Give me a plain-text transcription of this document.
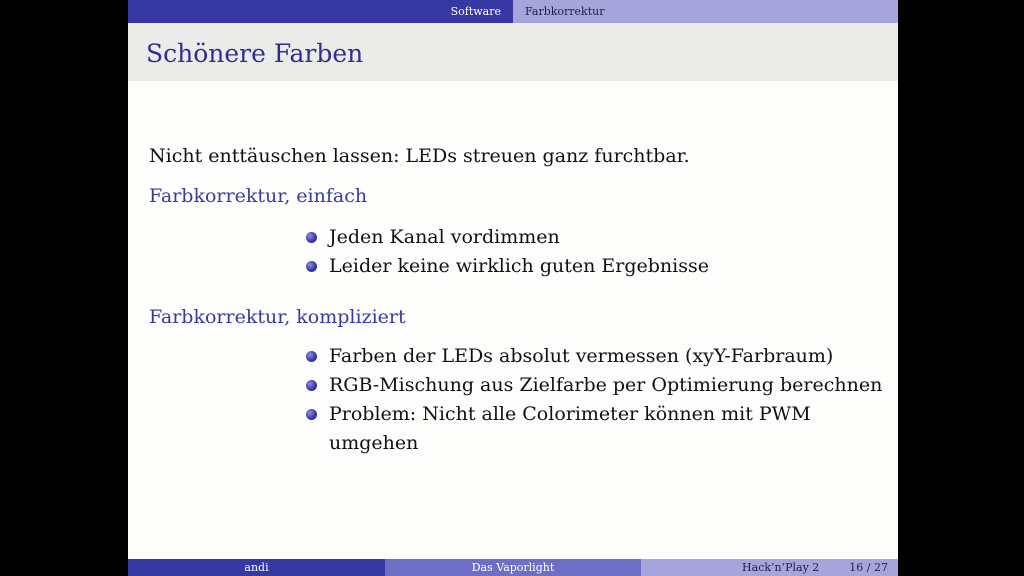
Software	Farbkorrektur
Schönere Farben
Nicht enttäuschen lassen: LEDs streuen ganz furchtbar.
Farbkorrektur, einfach
Jeden Kanal vordimmen
Leider keine wirklich guten Ergebnisse
Farbkorrektur, kompliziert
Farben der LEDs absolut vermessen (xyY-Farbraum)
RGB-Mischung aus Zielfarbe per Optimierung berechnen
Problem: Nicht alle Colorimeter können mit PWM umgehen
andi	Das Vaporlight	Hack’n’Play 2	16 / 27
